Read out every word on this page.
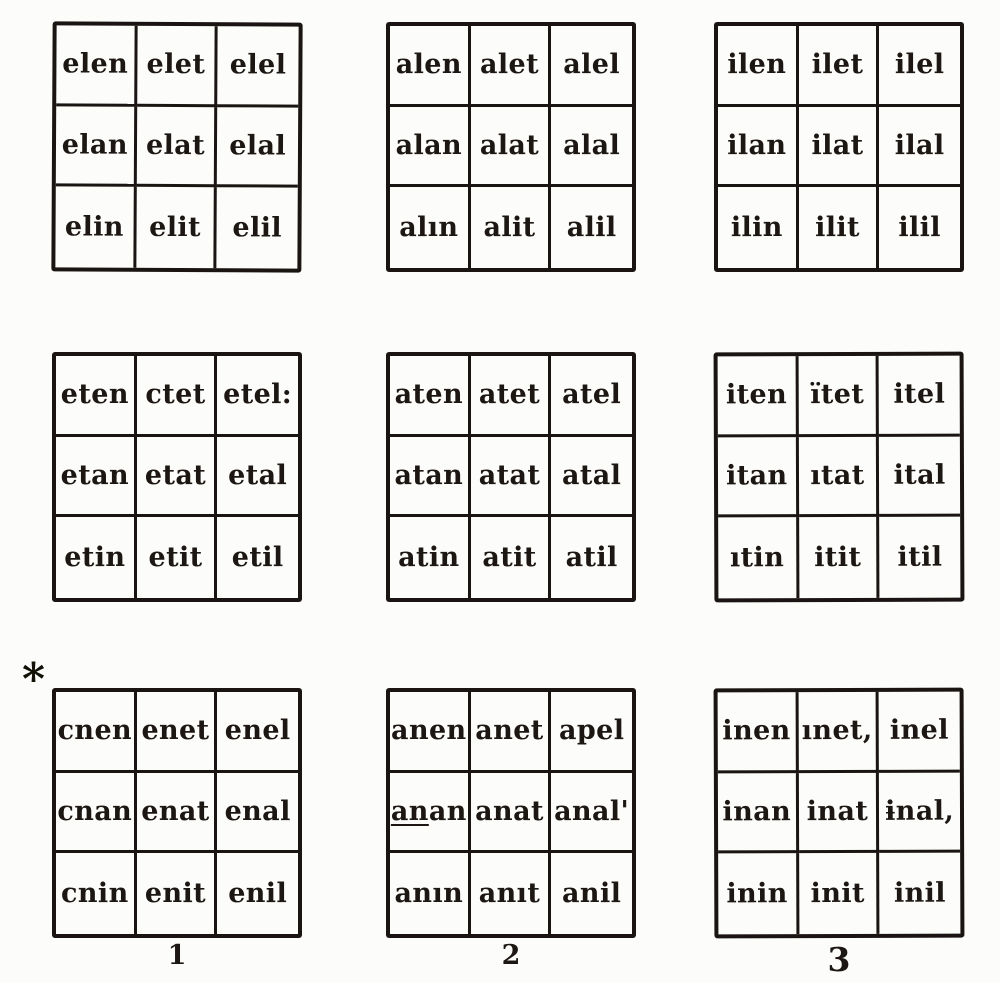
*
elen elet elel
elan elat elal
elin elit	elil
alen alet alel
alan alat alal
alın alit	alil
ilen ilet	ilel
ilan ilat	ilal
ilin	ilit	ilil
eten ctet etel:
etan etat etal
etin etit	etil
aten atet atel
atan atat atal
atin atit	atil
iten ïtet	itel
itan ıtat	ital
ıtin	itit	itil
cnen enet enel
cnan enat enal
cnin enit enil
anen anet apel
an an anat anal'
anın anıt anil
inen ınet, inel
inan inat ɨnal,
inin init	inil
1	2	3
